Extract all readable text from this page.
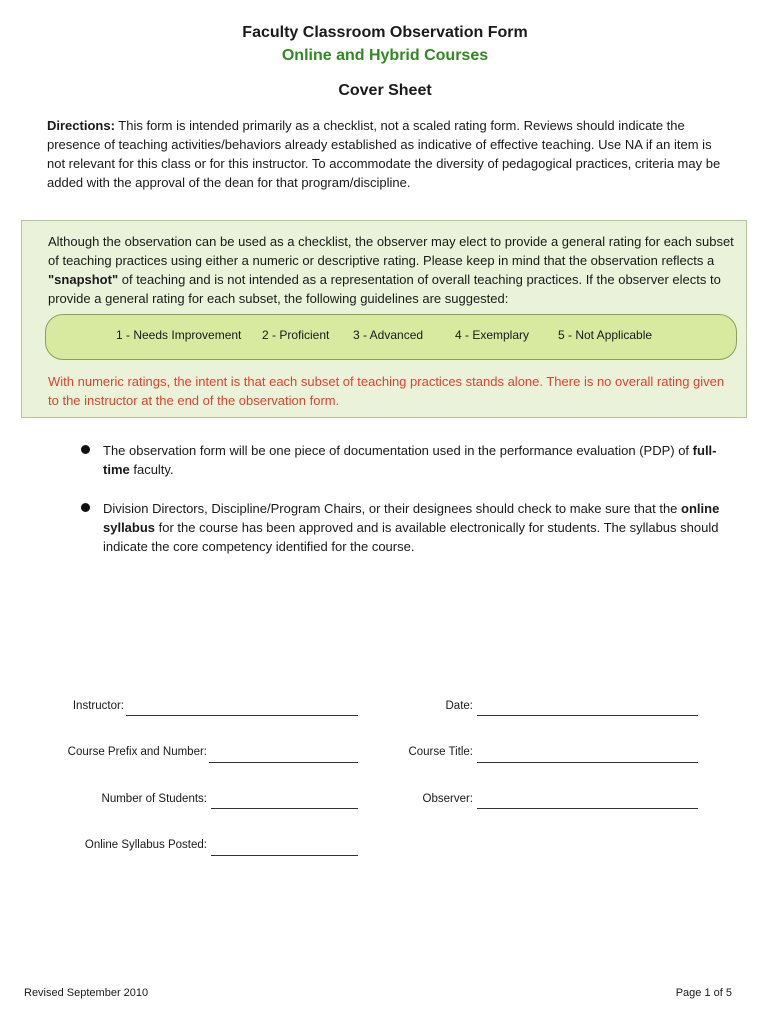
Faculty Classroom Observation Form
Online and Hybrid Courses
Cover Sheet
Directions: This form is intended primarily as a checklist, not a scaled rating form. Reviews should indicate the presence of teaching activities/behaviors already established as indicative of effective teaching. Use NA if an item is not relevant for this class or for this instructor. To accommodate the diversity of pedagogical practices, criteria may be added with the approval of the dean for that program/discipline.
Although the observation can be used as a checklist, the observer may elect to provide a general rating for each subset of teaching practices using either a numeric or descriptive rating. Please keep in mind that the observation reflects a "snapshot" of teaching and is not intended as a representation of overall teaching practices. If the observer elects to provide a general rating for each subset, the following guidelines are suggested:
1 - Needs Improvement 2 - Proficient 3 - Advanced	4 - Exemplary 5 - Not Applicable
With numeric ratings, the intent is that each subset of teaching practices stands alone. There is no overall rating given to the instructor at the end of the observation form.
The observation form will be one piece of documentation used in the performance evaluation (PDP) of full-time faculty.
Division Directors, Discipline/Program Chairs, or their designees should check to make sure that the online syllabus for the course has been approved and is available electronically for students. The syllabus should indicate the core competency identified for the course.
Instructor:	Date:
Course Prefix and Number:	Course Title:
Number of Students:	Observer:
Online Syllabus Posted:
Revised September 2010	Page 1 of 5
